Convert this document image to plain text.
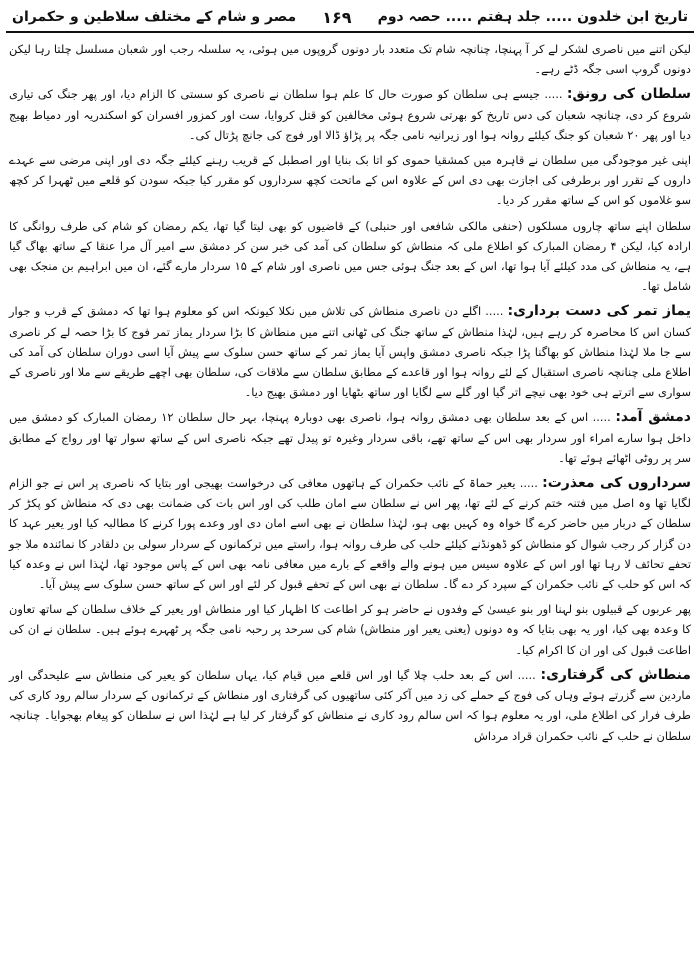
تاریخ ابن خلدون ..... جلد ہفتم ..... حصہ دوم
۱۶۹
مصر و شام کے مختلف سلاطین و حکمران

لیکن اتنے میں ناصری لشکر لے کر آ پہنچا، چنانچہ شام تک متعدد بار دونوں گروپوں میں ہوئی، یہ سلسلہ رجب اور شعبان مسلسل چلتا رہا لیکن دونوں گروپ اسی جگہ ڈٹے رہے۔

سلطان کی رونق: ..... جیسے ہی سلطان کو صورت حال کا علم ہوا سلطان نے ناصری کو سستی کا الزام دیا، اور پھر جنگ کی تیاری شروع کر دی، چنانچہ شعبان کی دس تاریخ کو بھرتی شروع ہوئی مخالفین کو قتل کروایا، ست اور کمزور افسران کو اسکندریہ اور دمیاط بھیج دیا اور پھر ۲۰ شعبان کو جنگ کیلئے روانہ ہوا اور زیرانیہ نامی جگہ پر پڑاؤ ڈالا اور فوج کی جانچ پڑتال کی۔

اپنی غیر موجودگی میں سلطان نے قاہرہ میں کمشقیا حموی کو اتا بک بنایا اور اصطبل کے قریب رہنے کیلئے جگہ دی اور اپنی مرضی سے عہدے داروں کے تقرر اور برطرفی کی اجازت بھی دی اس کے علاوہ اس کے ماتحت کچھ سرداروں کو مقرر کیا جبکہ سودن کو قلعے میں ٹھہرا کر کچھ سو غلاموں کو اس کے ساتھ مقرر کر دیا۔

سلطان اپنے ساتھ چاروں مسلکوں (حنفی مالکی شافعی اور حنبلی) کے قاضیوں کو بھی لیتا گیا تھا، یکم رمضان کو شام کی طرف روانگی کا ارادہ کیا، لیکن ۴ رمضان المبارک کو اطلاع ملی کہ منطاش کو سلطان کی آمد کی خبر سن کر دمشق سے امیر آل مرا عنقا کے ساتھ بھاگ گیا ہے، یہ منطاش کی مدد کیلئے آیا ہوا تھا، اس کے بعد جنگ ہوئی جس میں ناصری اور شام کے ۱۵ سردار مارے گئے، ان میں ابراہیم بن منجک بھی شامل تھا۔

یماز تمر کی دست برداری: ..... اگلے دن ناصری منطاش کی تلاش میں نکلا کیونکہ اس کو معلوم ہوا تھا کہ دمشق کے قرب و جوار کسان اس کا محاصرہ کر رہے ہیں، لہٰذا منطاش کے ساتھ جنگ کی ٹھانی اتنے میں منطاش کا بڑا سردار یماز تمر فوج کا بڑا حصہ لے کر ناصری سے جا ملا لہٰذا منطاش کو بھاگنا پڑا جبکہ ناصری دمشق واپس آیا یماز تمر کے ساتھ حسن سلوک سے پیش آیا اسی دوران سلطان کی آمد کی اطلاع ملی چنانچہ ناصری استقبال کے لئے روانہ ہوا اور قاعدے کے مطابق سلطان سے ملاقات کی، سلطان بھی اچھے طریقے سے ملا اور ناصری کے سواری سے اترتے ہی خود بھی نیچے اتر گیا اور گلے سے لگایا اور ساتھ بٹھایا اور دمشق بھیج دیا۔

دمشق آمد: ..... اس کے بعد سلطان بھی دمشق روانہ ہوا، ناصری بھی دوبارہ پہنچا، بہر حال سلطان ۱۲ رمضان المبارک کو دمشق میں داخل ہوا سارے امراء اور سردار بھی اس کے ساتھ تھے، باقی سردار وغیرہ تو پیدل تھے جبکہ ناصری اس کے ساتھ سوار تھا اور رواج کے مطابق سر پر روٹی اٹھائے ہوئے تھا۔

سرداروں کی معذرت: ..... یعیر حماۃ کے نائب حکمران کے ہاتھوں معافی کی درخواست بھیجی اور بتایا کہ ناصری پر اس نے جو الزام لگایا تھا وہ اصل میں فتنہ ختم کرنے کے لئے تھا، پھر اس نے سلطان سے امان طلب کی اور اس بات کی ضمانت بھی دی کہ منطاش کو پکڑ کر سلطان کے دربار میں حاضر کرے گا خواہ وہ کہیں بھی ہو، لہٰذا سلطان نے بھی اسے امان دی اور وعدے پورا کرنے کا مطالبہ کیا اور یعیر عہد کا دن گزار کر رجب شوال کو منطاش کو ڈھونڈنے کیلئے حلب کی طرف روانہ ہوا، راستے میں ترکمانوں کے سردار سولی بن دلقادر کا نمائندہ ملا جو تحفے تحائف لا رہا تھا اور اس کے علاوہ سیس میں ہونے والے واقعے کے بارے میں معافی نامہ بھی اس کے پاس موجود تھا، لہٰذا اس نے وعدہ کیا کہ اس کو حلب کے نائب حکمران کے سپرد کر دے گا۔ سلطان نے بھی اس کے تحفے قبول کر لئے اور اس کے ساتھ حسن سلوک سے پیش آیا۔

پھر عربوں کے قبیلوں بنو لہنا اور بنو عیسیٰ کے وفدوں نے حاضر ہو کر اطاعت کا اظہار کیا اور منطاش اور یعیر کے خلاف سلطان کے ساتھ تعاون کا وعدہ بھی کیا، اور یہ بھی بتایا کہ وہ دونوں (یعنی یعیر اور منطاش) شام کی سرحد پر رحبہ نامی جگہ پر ٹھہرے ہوئے ہیں۔ سلطان نے ان کی اطاعت قبول کی اور ان کا اکرام کیا۔

منطاش کی گرفتاری: ..... اس کے بعد حلب چلا گیا اور اس قلعے میں قیام کیا، یہاں سلطان کو یعیر کی منطاش سے علیحدگی اور ماردین سے گزرتے ہوئے وہاں کی فوج کے حملے کی زد میں آکر کئی ساتھیوں کی گرفتاری اور منطاش کے ترکمانوں کے سردار سالم رود کاری کی طرف فرار کی اطلاع ملی، اور یہ معلوم ہوا کہ اس سالم رود کاری نے منطاش کو گرفتار کر لیا ہے لہٰذا اس نے سلطان کو پیغام بھجوایا۔ چنانچہ سلطان نے حلب کے نائب حکمران قراد مرداش
